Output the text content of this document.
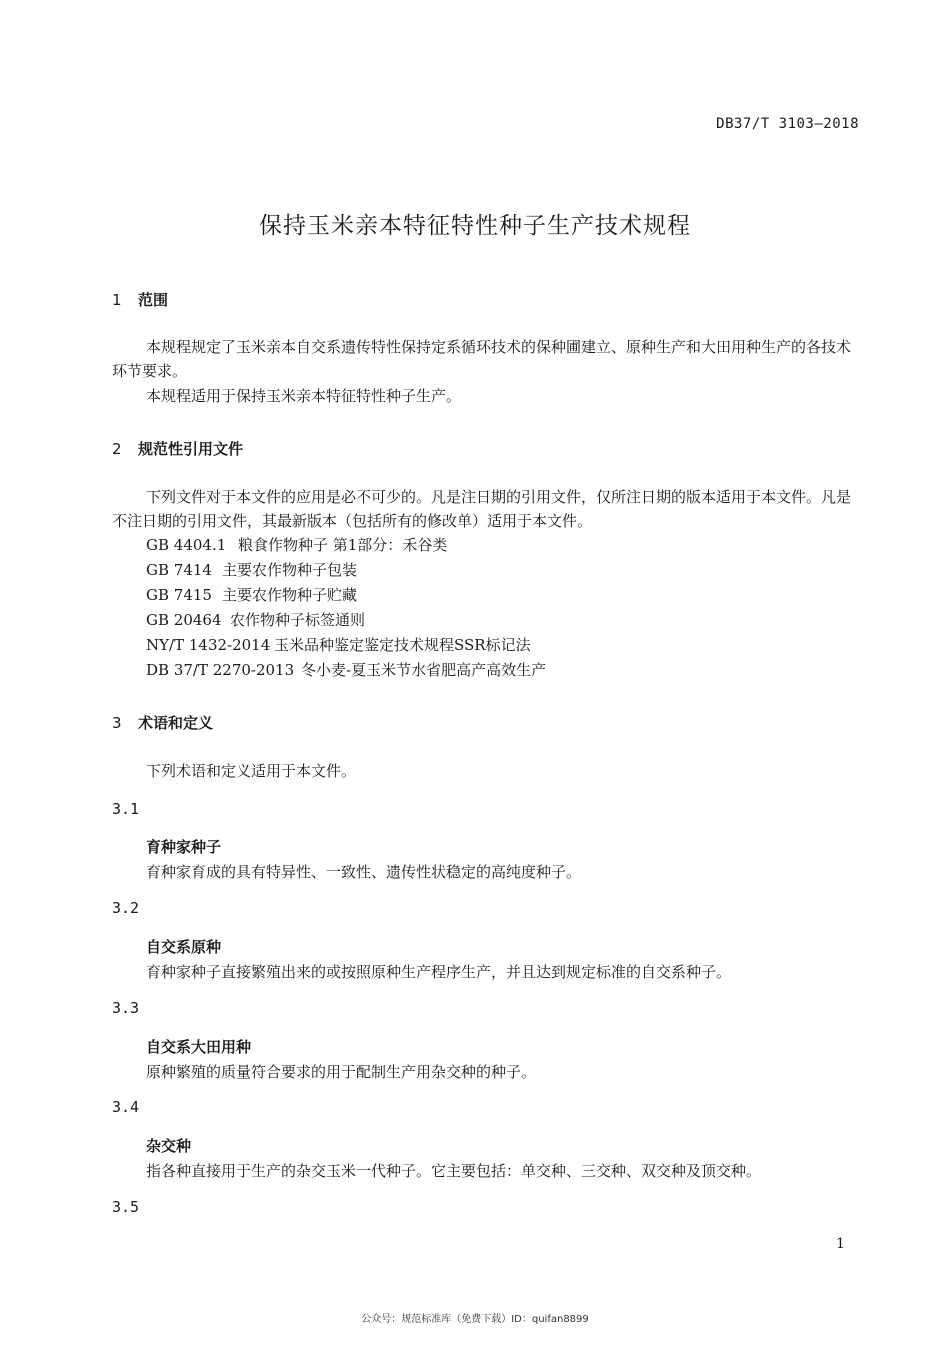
DB37/T 3103—2018
保持玉米亲本特征特性种子生产技术规程
1 范围
本规程规定了玉米亲本自交系遗传特性保持定系循环技术的保种圃建立、原种生产和大田用种生产的各技术环节要求。
本规程适用于保持玉米亲本特征特性种子生产。
2 规范性引用文件
下列文件对于本文件的应用是必不可少的。凡是注日期的引用文件，仅所注日期的版本适用于本文件。凡是不注日期的引用文件，其最新版本（包括所有的修改单）适用于本文件。
GB 4404.1 粮食作物种子 第1部分：禾谷类
GB 7414 主要农作物种子包装
GB 7415 主要农作物种子贮藏
GB 20464 农作物种子标签通则
NY/T 1432-2014 玉米品种鉴定鉴定技术规程SSR标记法
DB 37/T 2270-2013 冬小麦-夏玉米节水省肥高产高效生产
3 术语和定义
下列术语和定义适用于本文件。
3.1
育种家种子
育种家育成的具有特异性、一致性、遗传性状稳定的高纯度种子。
3.2
自交系原种
育种家种子直接繁殖出来的或按照原种生产程序生产，并且达到规定标准的自交系种子。
3.3
自交系大田用种
原种繁殖的质量符合要求的用于配制生产用杂交种的种子。
3.4
杂交种
指各种直接用于生产的杂交玉米一代种子。它主要包括：单交种、三交种、双交种及顶交种。
3.5
1
公众号：规范标准库（免费下载）ID：quifan8899
